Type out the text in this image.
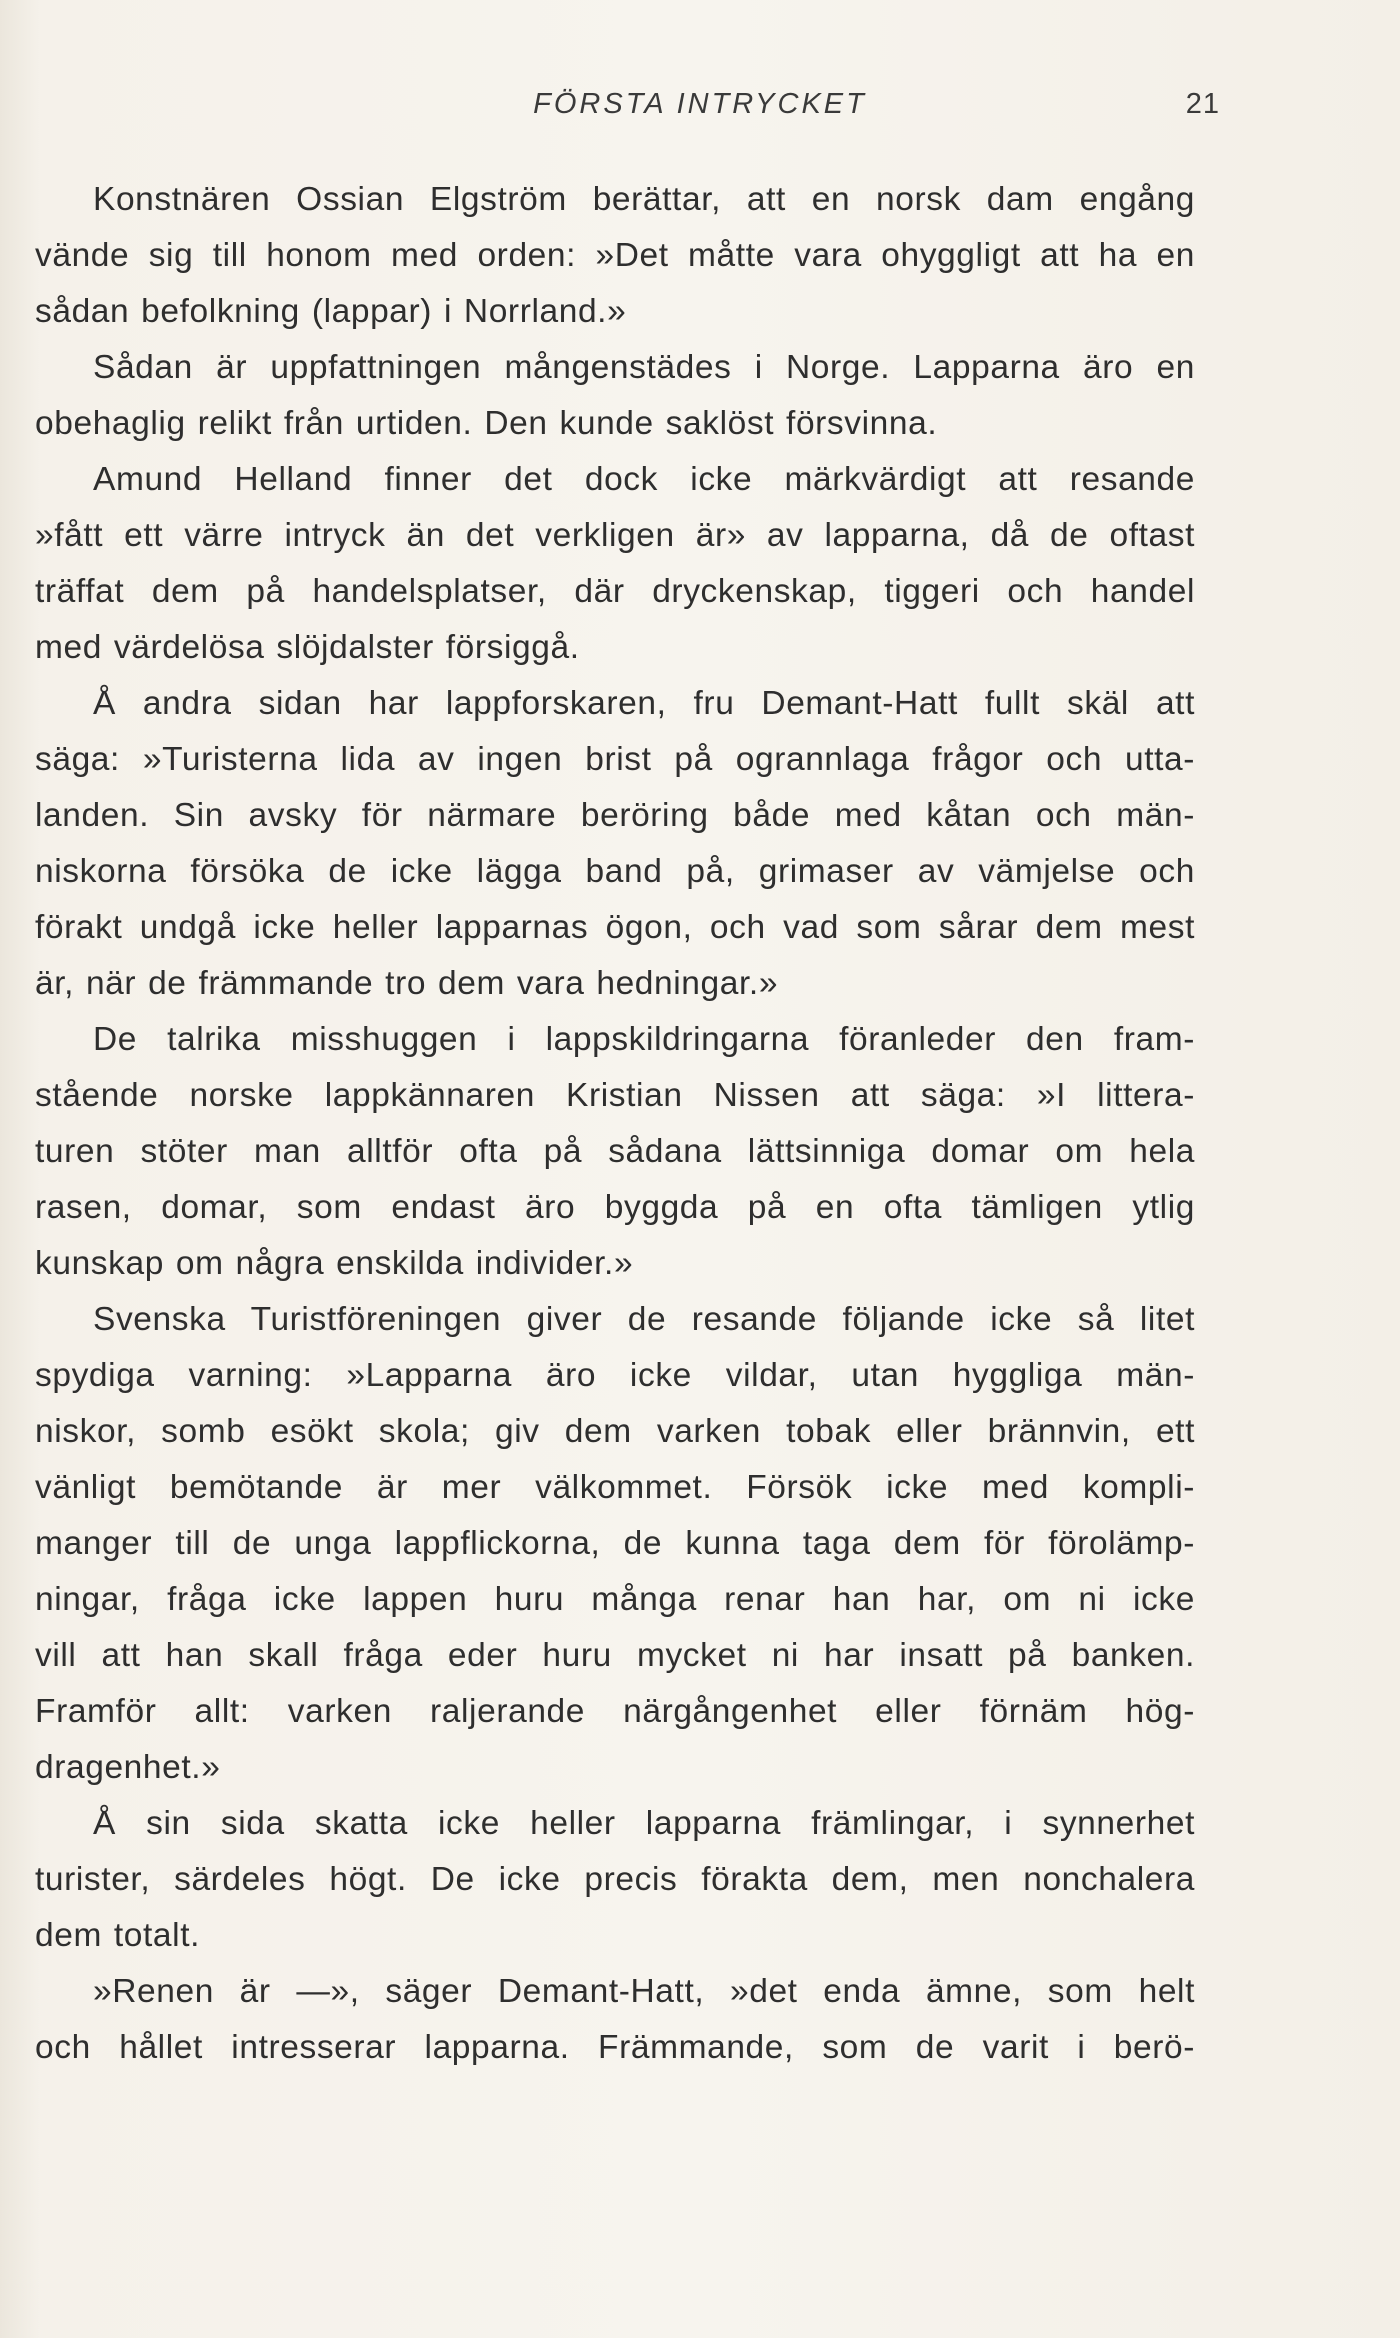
FÖRSTA INTRYCKET	21
Konstnären Ossian Elgström berättar, att en norsk dam engång
vände sig till honom med orden: »Det måtte vara ohyggligt att ha en
sådan befolkning (lappar) i Norrland.»
Sådan är uppfattningen mångenstädes i Norge. Lapparna äro en
obehaglig relikt från urtiden. Den kunde saklöst försvinna.
Amund Helland finner det dock icke märkvärdigt att resande
»fått ett värre intryck än det verkligen är» av lapparna, då de oftast
träffat dem på handelsplatser, där dryckenskap, tiggeri och handel
med värdelösa slöjdalster försiggå.
Å andra sidan har lappforskaren, fru Demant-Hatt fullt skäl att
säga: »Turisterna lida av ingen brist på ogrannlaga frågor och utta-
landen. Sin avsky för närmare beröring både med kåtan och män-
niskorna försöka de icke lägga band på, grimaser av vämjelse och
förakt undgå icke heller lapparnas ögon, och vad som sårar dem mest
är, när de främmande tro dem vara hedningar.»
De talrika misshuggen i lappskildringarna föranleder den fram-
stående norske lappkännaren Kristian Nissen att säga: »I littera-
turen stöter man alltför ofta på sådana lättsinniga domar om hela
rasen, domar, som endast äro byggda på en ofta tämligen ytlig
kunskap om några enskilda individer.»
Svenska Turistföreningen giver de resande följande icke så litet
spydiga varning: »Lapparna äro icke vildar, utan hyggliga män-
niskor, somb esökt skola; giv dem varken tobak eller brännvin, ett
vänligt bemötande är mer välkommet. Försök icke med kompli-
manger till de unga lappflickorna, de kunna taga dem för förolämp-
ningar, fråga icke lappen huru många renar han har, om ni icke
vill att han skall fråga eder huru mycket ni har insatt på banken.
Framför allt: varken raljerande närgångenhet eller förnäm hög-
dragenhet.»
Å sin sida skatta icke heller lapparna främlingar, i synnerhet
turister, särdeles högt. De icke precis förakta dem, men nonchalera
dem totalt.
»Renen är —», säger Demant-Hatt, »det enda ämne, som helt
och hållet intresserar lapparna. Främmande, som de varit i berö-
